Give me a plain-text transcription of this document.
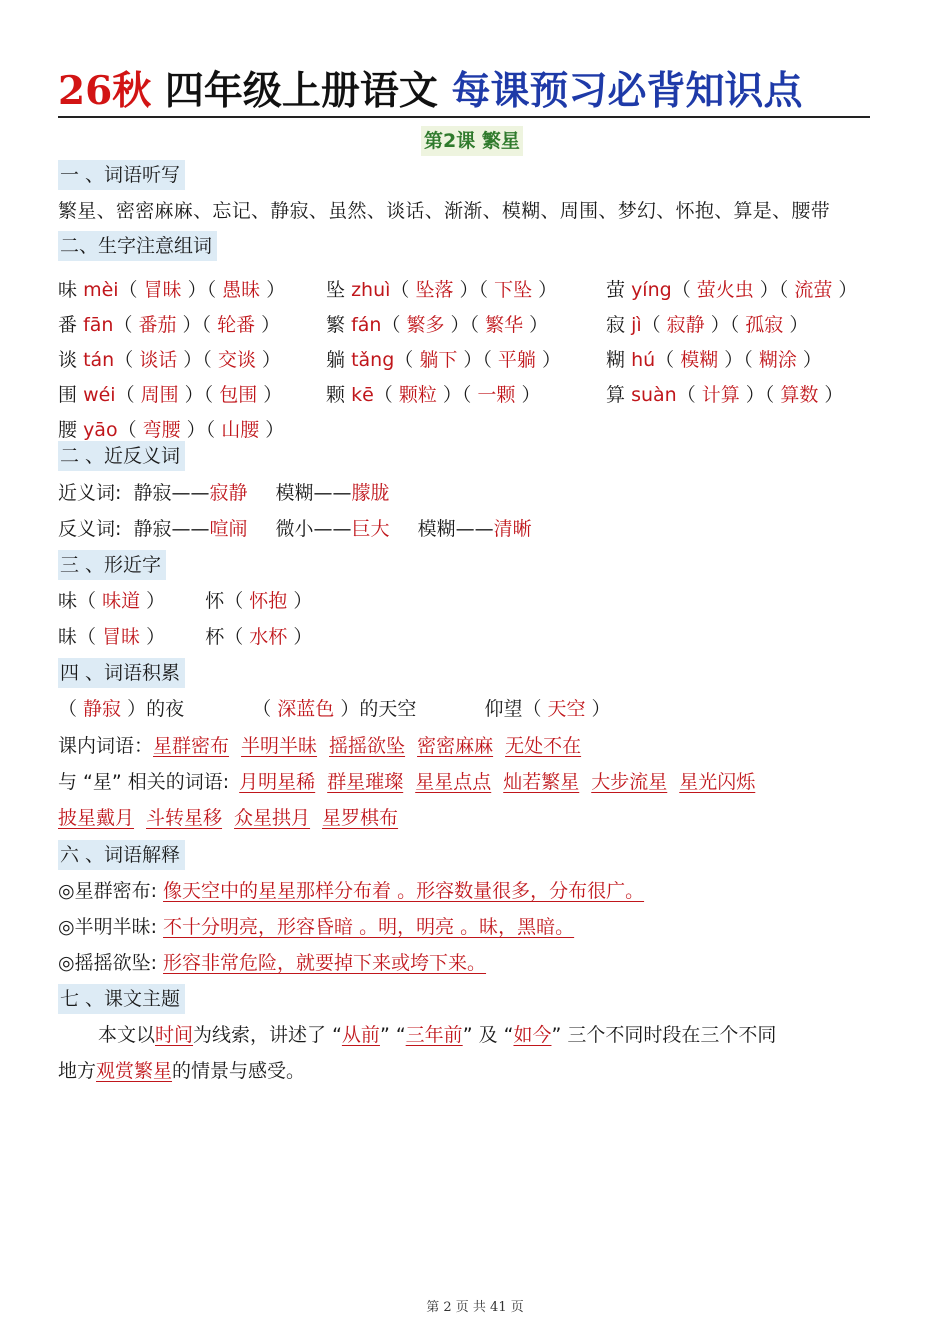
26秋 四年级上册语文 每课预习必背知识点
第2课 繁星
一 、词语听写
繁星、密密麻麻、忘记、静寂、虽然、谈话、渐渐、模糊、周围、梦幻、怀抱、算是、腰带
二、生字注意组词
味 mèi（ 冒昧 ）（ 愚昧 ） 坠 zhuì（ 坠落 ）（ 下坠 ）	萤 yíng（ 萤火虫 ）（ 流萤 ）
番 fān（ 番茄 ）（ 轮番 ） 繁 fán（ 繁多 ）（ 繁华 ）	寂 jì（ 寂静 ）（ 孤寂 ）
谈 tán（ 谈话 ）（ 交谈 ） 躺 tǎng（ 躺下 ）（ 平躺 ） 糊 hú（ 模糊 ）（ 糊涂 ）
围 wéi（ 周围 ）（ 包围 ） 颗 kē（ 颗粒 ）（ 一颗 ）	算 suàn（ 计算 ）（ 算数 ）
腰 yāo（ 弯腰 ）（ 山腰 ）
二 、近反义词
近义词: 静寂——寂静 模糊——朦胧
反义词: 静寂——喧闹 微小——巨大 模糊——清晰
三 、形近字
味（ 味道 ）  怀（ 怀抱 ）
昧（ 冒昧 ）  杯（ 水杯 ）
四 、词语积累
（ 静寂 ）的夜	（ 深蓝色 ）的天空	仰望（ 天空 ）
课内词语：星群密布 半明半昧 摇摇欲坠 密密麻麻 无处不在
与 “星” 相关的词语: 月明星稀 群星璀璨 星星点点 灿若繁星 大步流星 星光闪烁
披星戴月 斗转星移 众星拱月 星罗棋布
六 、词语解释
◎星群密布: 像天空中的星星那样分布着 。形容数量很多，分布很广。
◎半明半昧: 不十分明亮，形容昏暗 。明，明亮 。昧，黑暗。
◎摇摇欲坠: 形容非常危险，就要掉下来或垮下来。
七 、课文主题
本文以时间为线索，讲述了 “从前” “三年前” 及 “如今” 三个不同时段在三个不同
地方观赏繁星的情景与感受。
第 2 页 共 41 页
